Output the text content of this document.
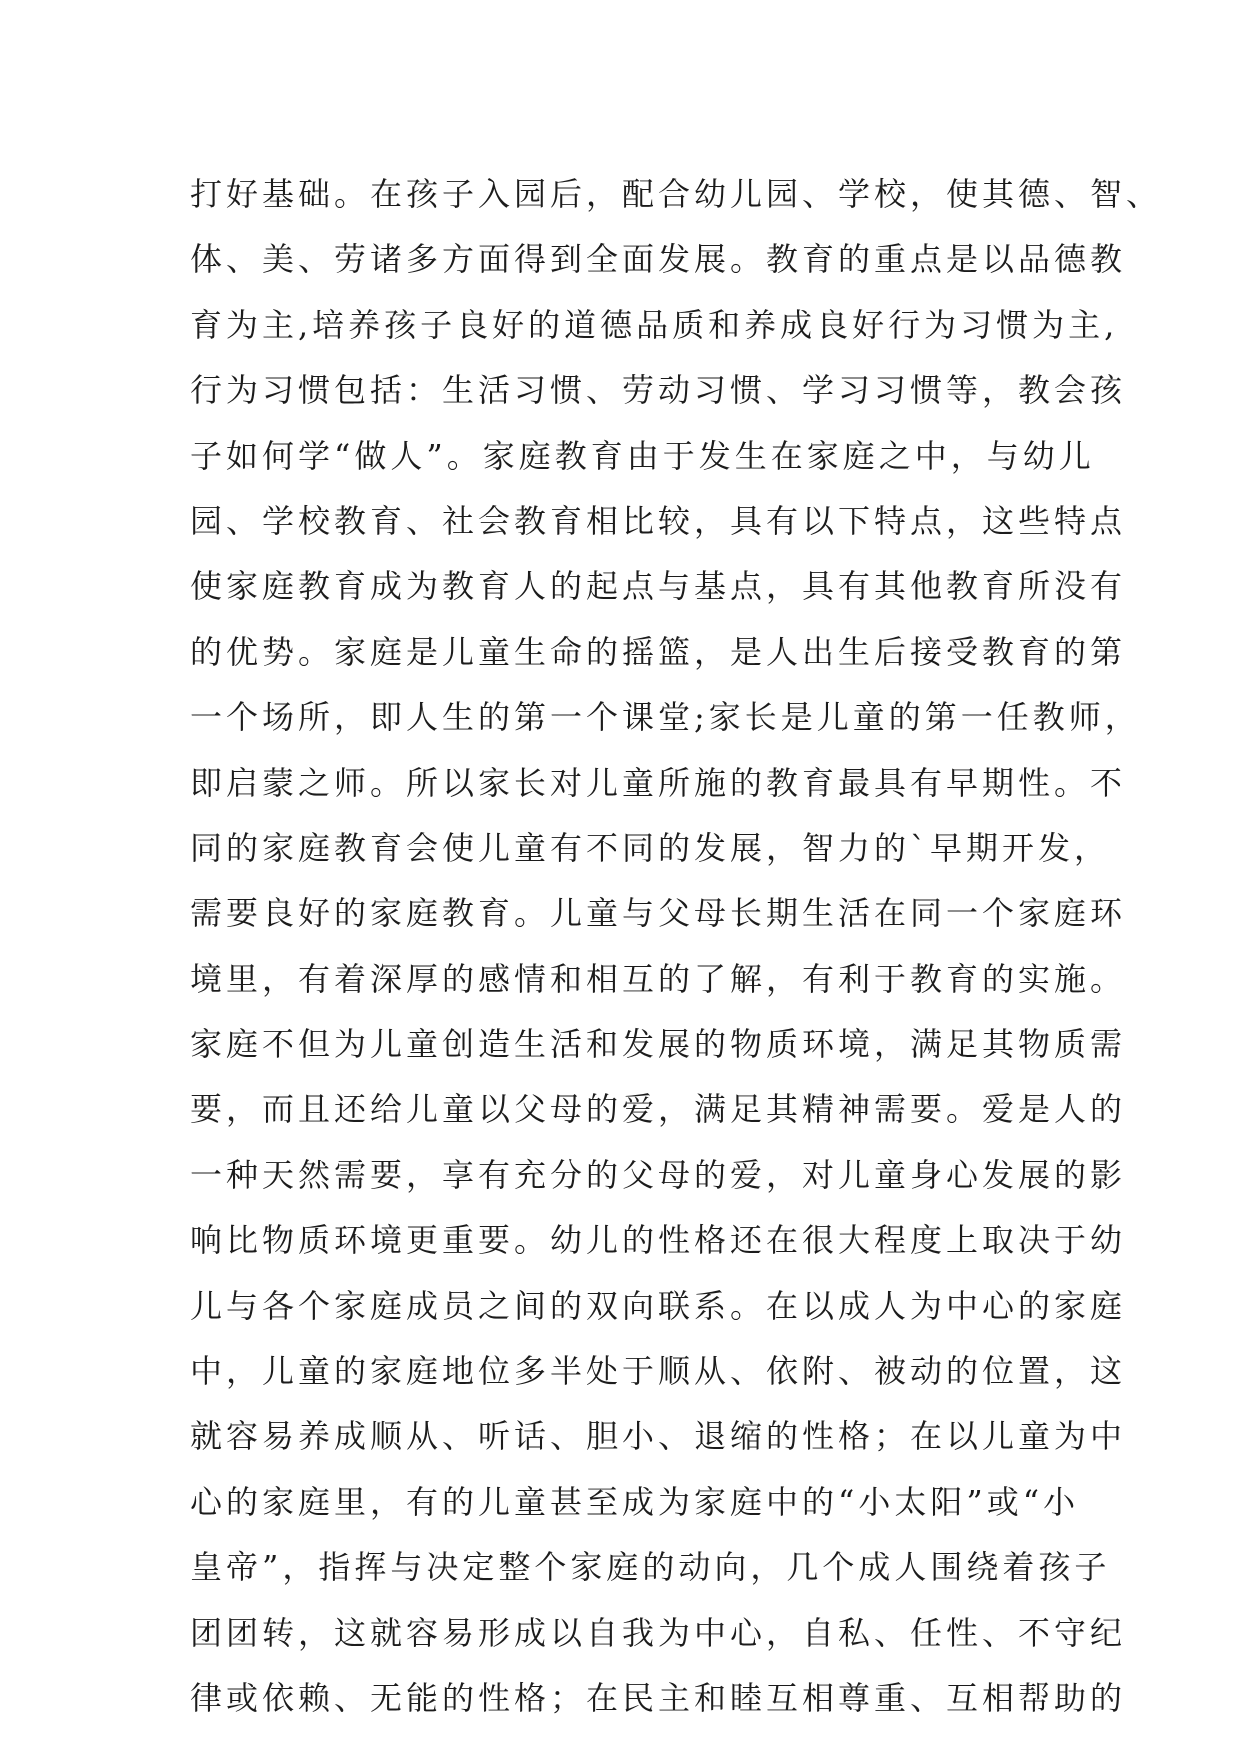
打好基础。在孩子入园后，配合幼儿园、学校，使其德、智、
体、美、劳诸多方面得到全面发展。教育的重点是以品德教
育为主,培养孩子良好的道德品质和养成良好行为习惯为主,
行为习惯包括：生活习惯、劳动习惯、学习习惯等，教会孩
子如何学“做人”。家庭教育由于发生在家庭之中，与幼儿
园、学校教育、社会教育相比较，具有以下特点，这些特点
使家庭教育成为教育人的起点与基点，具有其他教育所没有
的优势。家庭是儿童生命的摇篮，是人出生后接受教育的第
一个场所，即人生的第一个课堂;家长是儿童的第一任教师，
即启蒙之师。所以家长对儿童所施的教育最具有早期性。不
同的家庭教育会使儿童有不同的发展，智力的`早期开发，
需要良好的家庭教育。儿童与父母长期生活在同一个家庭环
境里，有着深厚的感情和相互的了解，有利于教育的实施。
家庭不但为儿童创造生活和发展的物质环境，满足其物质需
要，而且还给儿童以父母的爱，满足其精神需要。爱是人的
一种天然需要，享有充分的父母的爱，对儿童身心发展的影
响比物质环境更重要。幼儿的性格还在很大程度上取决于幼
儿与各个家庭成员之间的双向联系。在以成人为中心的家庭
中，儿童的家庭地位多半处于顺从、依附、被动的位置，这
就容易养成顺从、听话、胆小、退缩的性格；在以儿童为中
心的家庭里，有的儿童甚至成为家庭中的“小太阳”或“小
皇帝”，指挥与决定整个家庭的动向，几个成人围绕着孩子
团团转，这就容易形成以自我为中心，自私、任性、不守纪
律或依赖、无能的性格；在民主和睦互相尊重、互相帮助的
